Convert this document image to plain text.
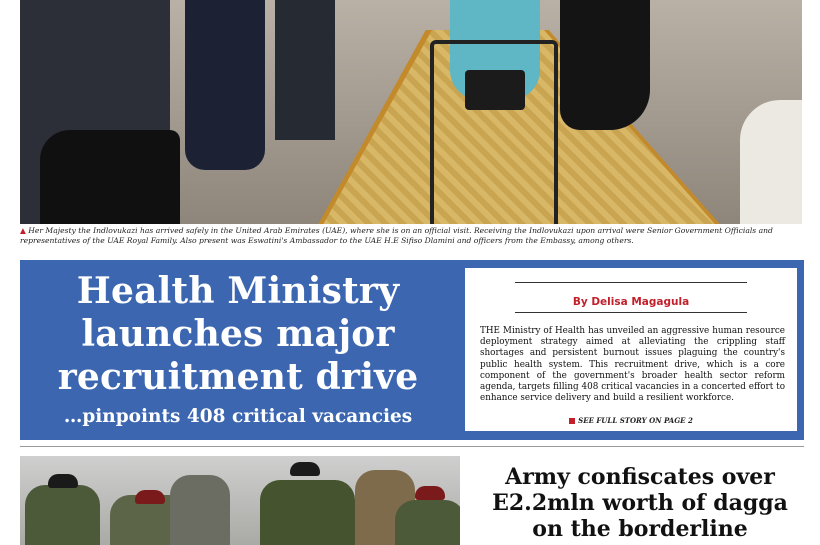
▲ Her Majesty the Indlovukazi has arrived safely in the United Arab Emirates (UAE), where she is on an official visit. Receiving the Indlovukazi upon arrival were Senior Government Officials and representatives of the UAE Royal Family. Also present was Eswatini's Ambassador to the UAE H.E Sifiso Dlamini and officers from the Embassy, among others.
Health Ministry
launches major
recruitment drive
…pinpoints 408 critical vacancies
By Delisa Magagula
THE Ministry of Health has unveiled an aggressive human resource deployment strategy aimed at alleviating the crippling staff shortages and persistent burnout issues plaguing the country's public health system. This recruitment drive, which is a core component of the government's broader health sector reform agenda, targets filling 408 critical vacancies in a concerted effort to enhance service delivery and build a resilient workforce.
SEE FULL STORY ON PAGE 2
Army confiscates over
E2.2mln worth of dagga
on the borderline
